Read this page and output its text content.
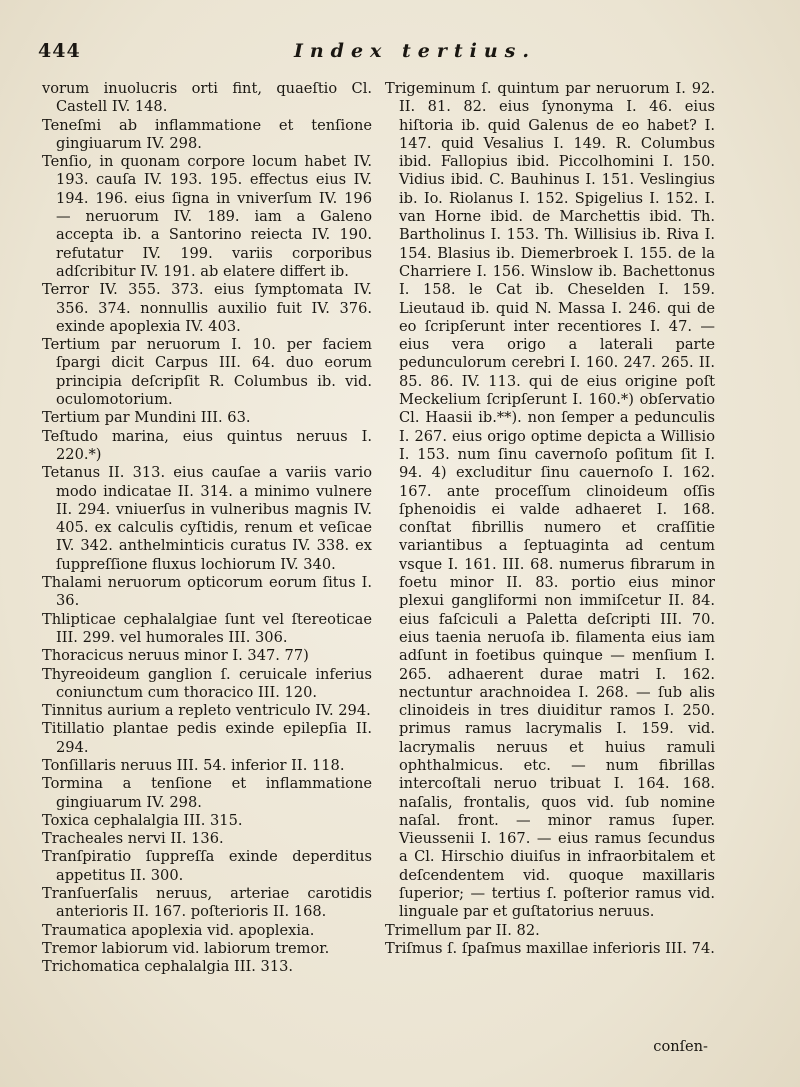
444	Index tertius.

vorum inuolucris orti fint, quaeſtio Cl. Castell IV. 148.

Teneſmi ab inflammatione et tenſione gingiuarum IV. 298.

Tenſio, in quonam corpore locum habet IV. 193. cauſa IV. 193. 195. effectus eius IV. 194. 196. eius ſigna in vniverſum IV. 196 — neruorum IV. 189. iam a Galeno accepta ib. a Santorino reiecta IV. 190. refutatur IV. 199. variis corporibus adſcribitur IV. 191. ab elatere differt ib.

Terror IV. 355. 373. eius ſymptomata IV. 356. 374. nonnullis auxilio fuit IV. 376. exinde apoplexia IV. 403.

Tertium par neruorum I. 10. per faciem ſpargi dicit Carpus III. 64. duo eorum principia deſcripſit R. Columbus ib. vid. oculomotorium.

Tertium par Mundini III. 63.

Teſtudo marina, eius quintus neruus I. 220.*)

Tetanus II. 313. eius cauſae a variis vario modo indicatae II. 314. a minimo vulnere II. 294. vniuerſus in vulneribus magnis IV. 405. ex calculis cyſtidis, renum et veſicae IV. 342. anthelminticis curatus IV. 338. ex ſuppreſſione fluxus lochiorum IV. 340.

Thalami neruorum opticorum eorum ſitus I. 36.

Thlipticae cephalalgiae ſunt vel ſtereoticae III. 299. vel humorales III. 306.

Thoracicus neruus minor I. 347. 77)

Thyreoideum ganglion ſ. ceruicale inferius coniunctum cum thoracico III. 120.

Tinnitus aurium a repleto ventriculo IV. 294.

Titillatio plantae pedis exinde epilepſia II. 294.

Tonſillaris neruus III. 54. inferior II. 118.

Tormina a tenſione et inflammatione gingiuarum IV. 298.

Toxica cephalalgia III. 315.

Tracheales nervi II. 136.

Tranſpiratio ſuppreſſa exinde deperditus appetitus II. 300.

Tranſuerſalis neruus, arteriae carotidis anterioris II. 167. poſterioris II. 168.

Traumatica apoplexia vid. apoplexia.

Tremor labiorum vid. labiorum tremor.

Trichomatica cephalalgia III. 313.

Trigeminum ſ. quintum par neruorum I. 92. II. 81. 82. eius ſynonyma I. 46. eius hiſtoria ib. quid Galenus de eo habet? I. 147. quid Vesalius I. 149. R. Columbus ibid. Fallopius ibid. Piccolhomini I. 150. Vidius ibid. C. Bauhinus I. 151. Veslingius ib. Io. Riolanus I. 152. Spigelius I. 152. I. van Horne ibid. de Marchettis ibid. Th. Bartholinus I. 153. Th. Willisius ib. Riva I. 154. Blasius ib. Diemerbroek I. 155. de la Charriere I. 156. Winslow ib. Bachettonus I. 158. le Cat ib. Cheselden I. 159. Lieutaud ib. quid N. Massa I. 246. qui de eo ſcripſerunt inter recentiores I. 47. — eius vera origo a laterali parte pedunculorum cerebri I. 160. 247. 265. II. 85. 86. IV. 113. qui de eius origine poſt Meckelium ſcripſerunt I. 160.*) obſervatio Cl. Haasii ib.**). non ſemper a pedunculis I. 267. eius origo optime depicta a Willisio I. 153. num ſinu cavernoſo poſitum ſit I. 94. 4) excluditur ſinu cauernoſo I. 162. 167. ante proceſſum clinoideum oſſis ſphenoidis ei valde adhaeret I. 168. conſtat fibrillis numero et craſſitie variantibus a ſeptuaginta ad centum vsque I. 161. III. 68. numerus fibrarum in foetu minor II. 83. portio eius minor plexui gangliformi non immiſcetur II. 84. eius faſciculi a Paletta deſcripti III. 70. eius taenia neruoſa ib. filamenta eius iam adſunt in foetibus quinque — menſium I. 265. adhaerent durae matri I. 162. nectuntur arachnoidea I. 268. — ſub alis clinoideis in tres diuiditur ramos I. 250. primus ramus lacrymalis I. 159. vid. lacrymalis neruus et huius ramuli ophthalmicus. etc. — num fibrillas intercoſtali neruo tribuat I. 164. 168. naſalis, frontalis, quos vid. ſub nomine naſal. front. — minor ramus ſuper. Vieussenii I. 167. — eius ramus ſecundus a Cl. Hirschio diuiſus in infraorbitalem et deſcendentem vid. quoque maxillaris ſuperior; — tertius ſ. poſterior ramus vid. linguale par et guſtatorius neruus.

Trimellum par II. 82.

Triſmus ſ. ſpaſmus maxillae inferioris III. 74.

conſen-
